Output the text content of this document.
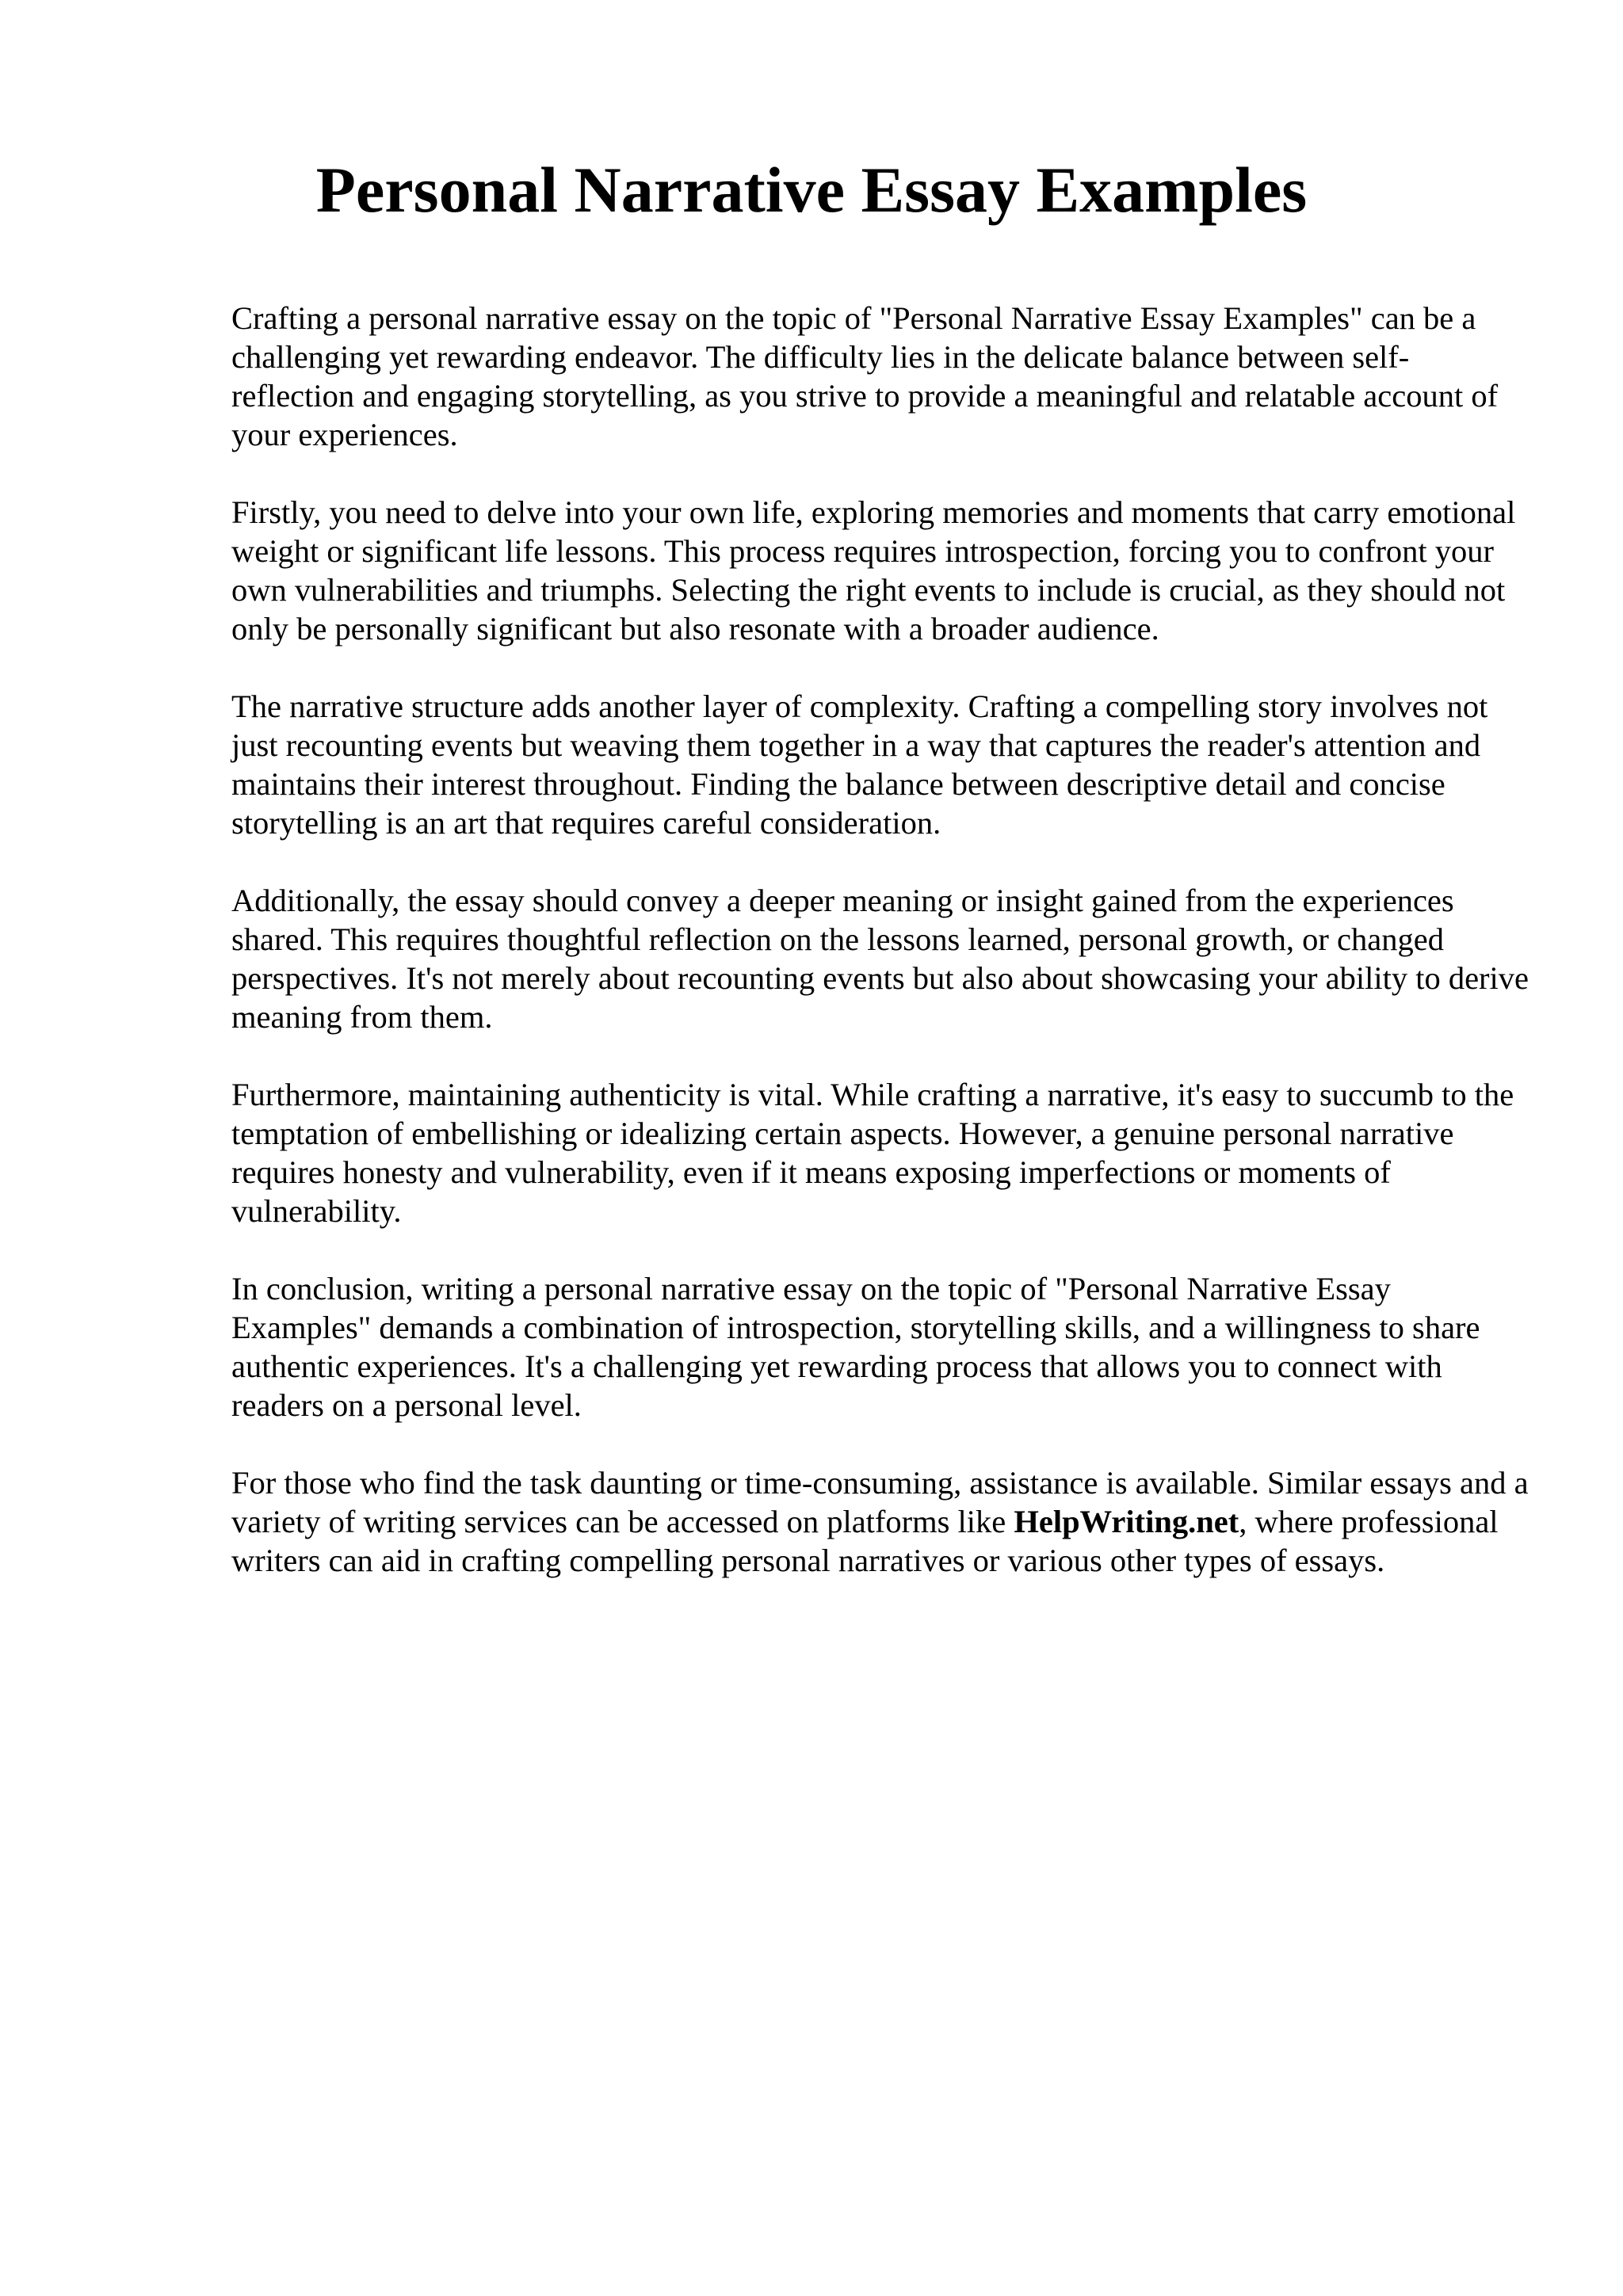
Personal Narrative Essay Examples

Crafting a personal narrative essay on the topic of "Personal Narrative Essay Examples" can be a challenging yet rewarding endeavor. The difficulty lies in the delicate balance between self-reflection and engaging storytelling, as you strive to provide a meaningful and relatable account of your experiences.

Firstly, you need to delve into your own life, exploring memories and moments that carry emotional weight or significant life lessons. This process requires introspection, forcing you to confront your own vulnerabilities and triumphs. Selecting the right events to include is crucial, as they should not only be personally significant but also resonate with a broader audience.

The narrative structure adds another layer of complexity. Crafting a compelling story involves not just recounting events but weaving them together in a way that captures the reader's attention and maintains their interest throughout. Finding the balance between descriptive detail and concise storytelling is an art that requires careful consideration.

Additionally, the essay should convey a deeper meaning or insight gained from the experiences shared. This requires thoughtful reflection on the lessons learned, personal growth, or changed perspectives. It's not merely about recounting events but also about showcasing your ability to derive meaning from them.

Furthermore, maintaining authenticity is vital. While crafting a narrative, it's easy to succumb to the temptation of embellishing or idealizing certain aspects. However, a genuine personal narrative requires honesty and vulnerability, even if it means exposing imperfections or moments of vulnerability.

In conclusion, writing a personal narrative essay on the topic of "Personal Narrative Essay Examples" demands a combination of introspection, storytelling skills, and a willingness to share authentic experiences. It's a challenging yet rewarding process that allows you to connect with readers on a personal level.

For those who find the task daunting or time-consuming, assistance is available. Similar essays and a variety of writing services can be accessed on platforms like HelpWriting.net, where professional writers can aid in crafting compelling personal narratives or various other types of essays.
